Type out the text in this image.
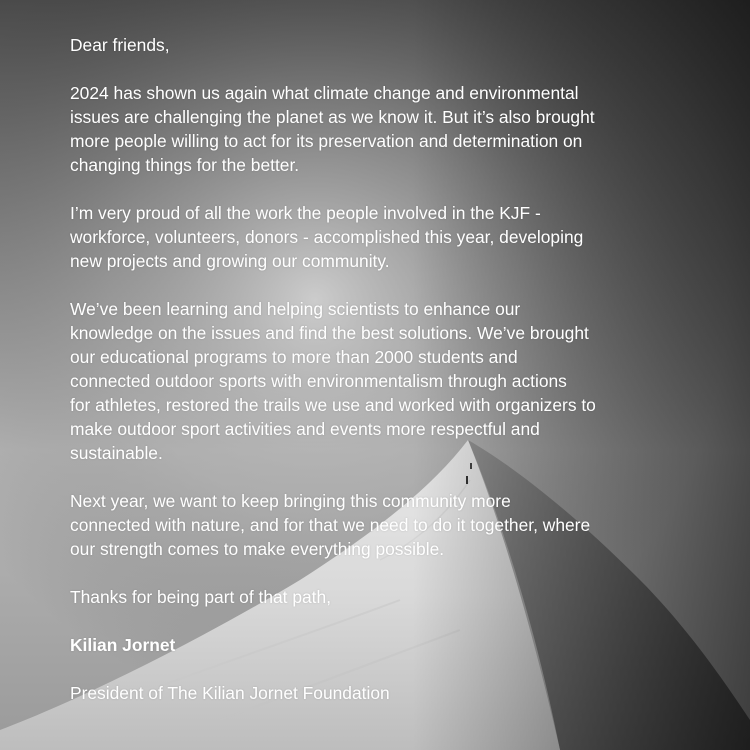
Dear friends,

2024 has shown us again what climate change and environmental
issues are challenging the planet as we know it. But it’s also brought
more people willing to act for its preservation and determination on
changing things for the better.

I’m very proud of all the work the people involved in the KJF -
workforce, volunteers, donors - accomplished this year, developing
new projects and growing our community.

We’ve been learning and helping scientists to enhance our
knowledge on the issues and find the best solutions. We’ve brought
our educational programs to more than 2000 students and
connected outdoor sports with environmentalism through actions
for athletes, restored the trails we use and worked with organizers to
make outdoor sport activities and events more respectful and
sustainable.

Next year, we want to keep bringing this community more
connected with nature, and for that we need to do it together, where
our strength comes to make everything possible.

Thanks for being part of that path,

Kilian Jornet

President of The Kilian Jornet Foundation
